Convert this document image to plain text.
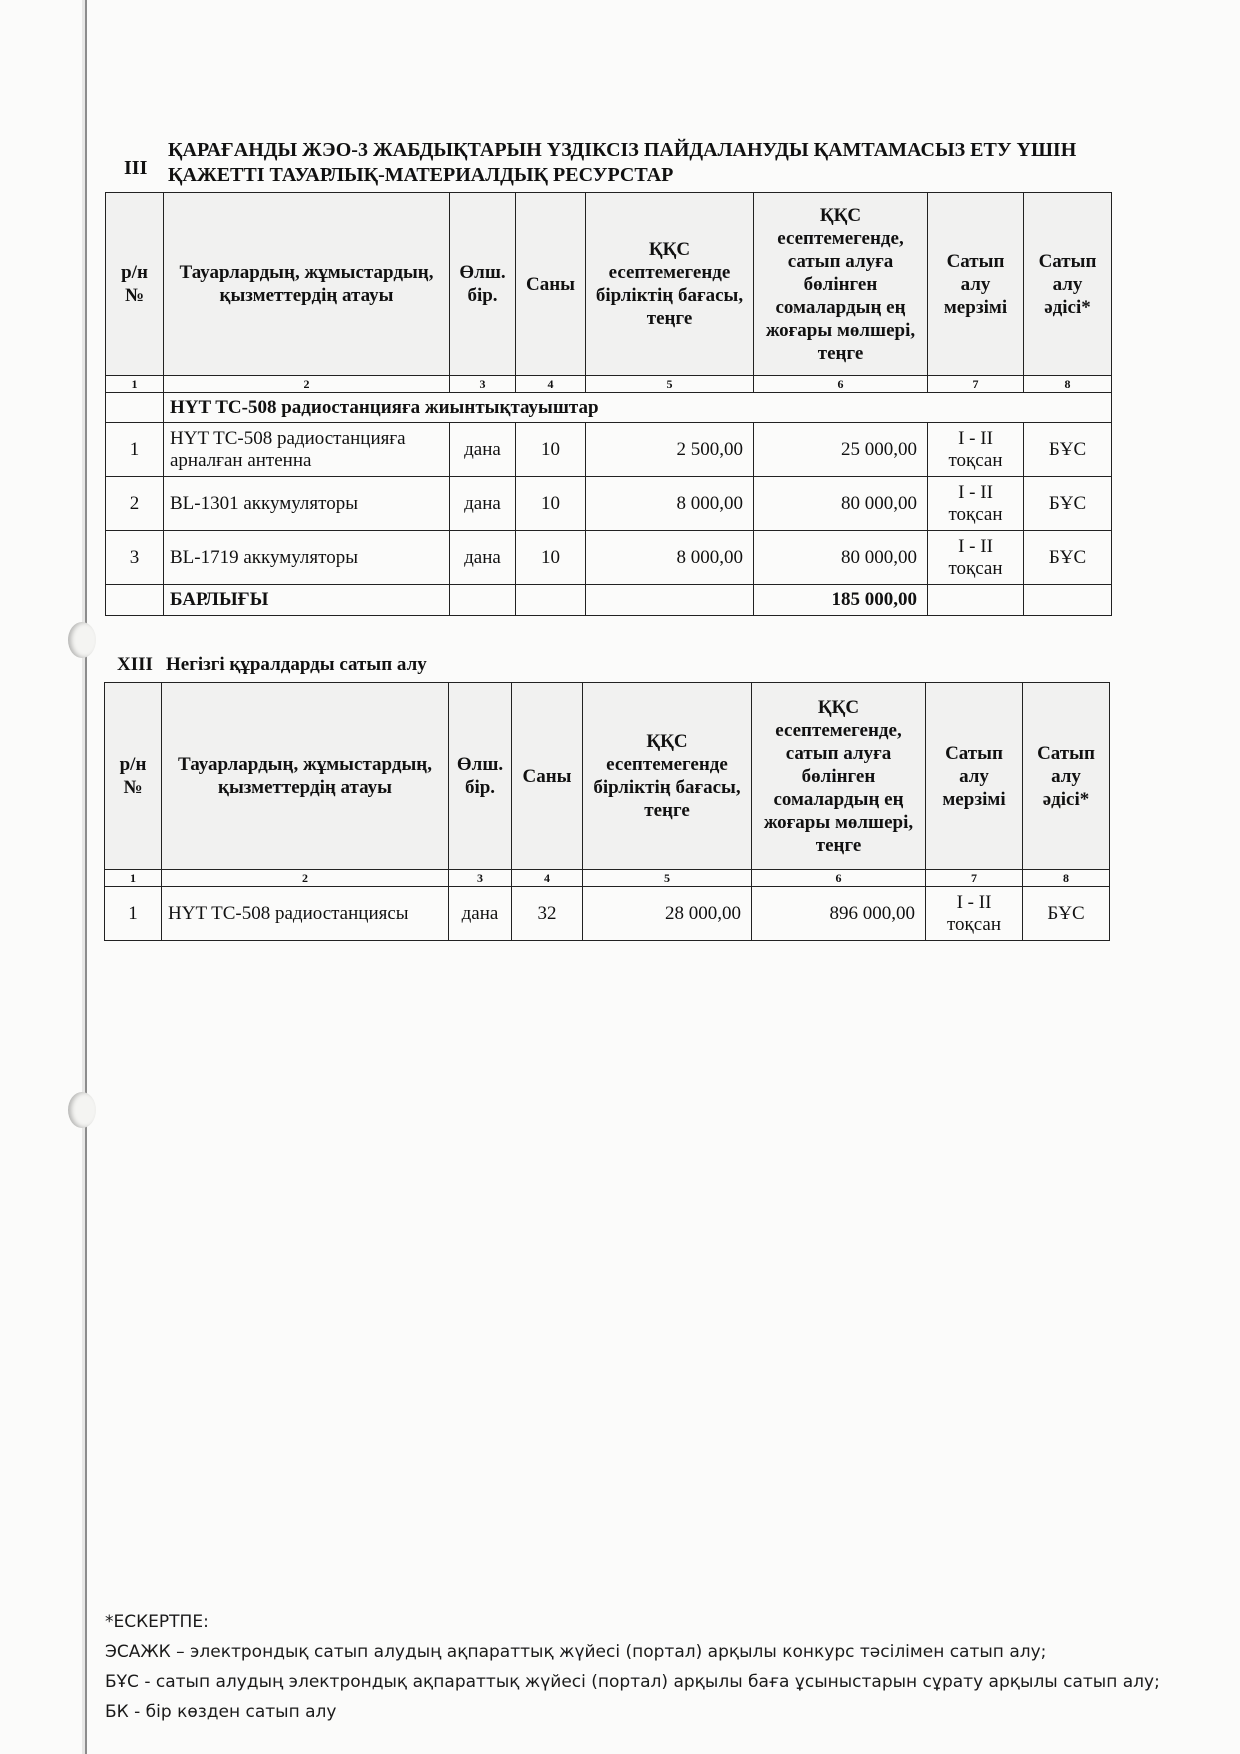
III
ҚАРАҒАНДЫ ЖЭО-3 ЖАБДЫҚТАРЫН ҮЗДІКСІЗ ПАЙДАЛАНУДЫ ҚАМТАМАСЫЗ ЕТУ ҮШІН
ҚАЖЕТТІ ТАУАРЛЫҚ-МАТЕРИАЛДЫҚ РЕСУРСТАР
р/н №	Тауарлардың, жұмыстардың, қызметтердің атауы	Өлш. бір.	Саны	ҚҚС есептемегенде бірліктің бағасы, теңге	ҚҚС есептемегенде, сатып алуға бөлінген сомалардың ең жоғары мөлшері, теңге	Сатып алу мерзімі	Сатып алу әдісі*
1	2	3	4	5	6	7	8
	HYT TC-508 радиостанцияға жиынтықтауыштар						
1	HYT TC-508 радиостанцияға арналған антенна	дана	10	2 500,00	25 000,00	I - II тоқсан	БҰС
2	BL-1301 аккумуляторы	дана	10	8 000,00	80 000,00	I - II тоқсан	БҰС
3	BL-1719 аккумуляторы	дана	10	8 000,00	80 000,00	I - II тоқсан	БҰС
	БАРЛЫҒЫ				185 000,00		
XIII Негізгі құралдарды сатып алу
р/н №	Тауарлардың, жұмыстардың, қызметтердің атауы	Өлш. бір.	Саны	ҚҚС есептемегенде бірліктің бағасы, теңге	ҚҚС есептемегенде, сатып алуға бөлінген сомалардың ең жоғары мөлшері, теңге	Сатып алу мерзімі	Сатып алу әдісі*
1	2	3	4	5	6	7	8
1	HYT TC-508 радиостанциясы	дана	32	28 000,00	896 000,00	I - II тоқсан	БҰС
*ЕСКЕРТПЕ:
ЭСАЖК – электрондық сатып алудың ақпараттық жүйесі (портал) арқылы конкурс тәсілімен сатып алу;
БҰС - сатып алудың электрондық ақпараттық жүйесі (портал) арқылы баға ұсыныстарын сұрату арқылы сатып алу;
БК - бір көзден сатып алу
